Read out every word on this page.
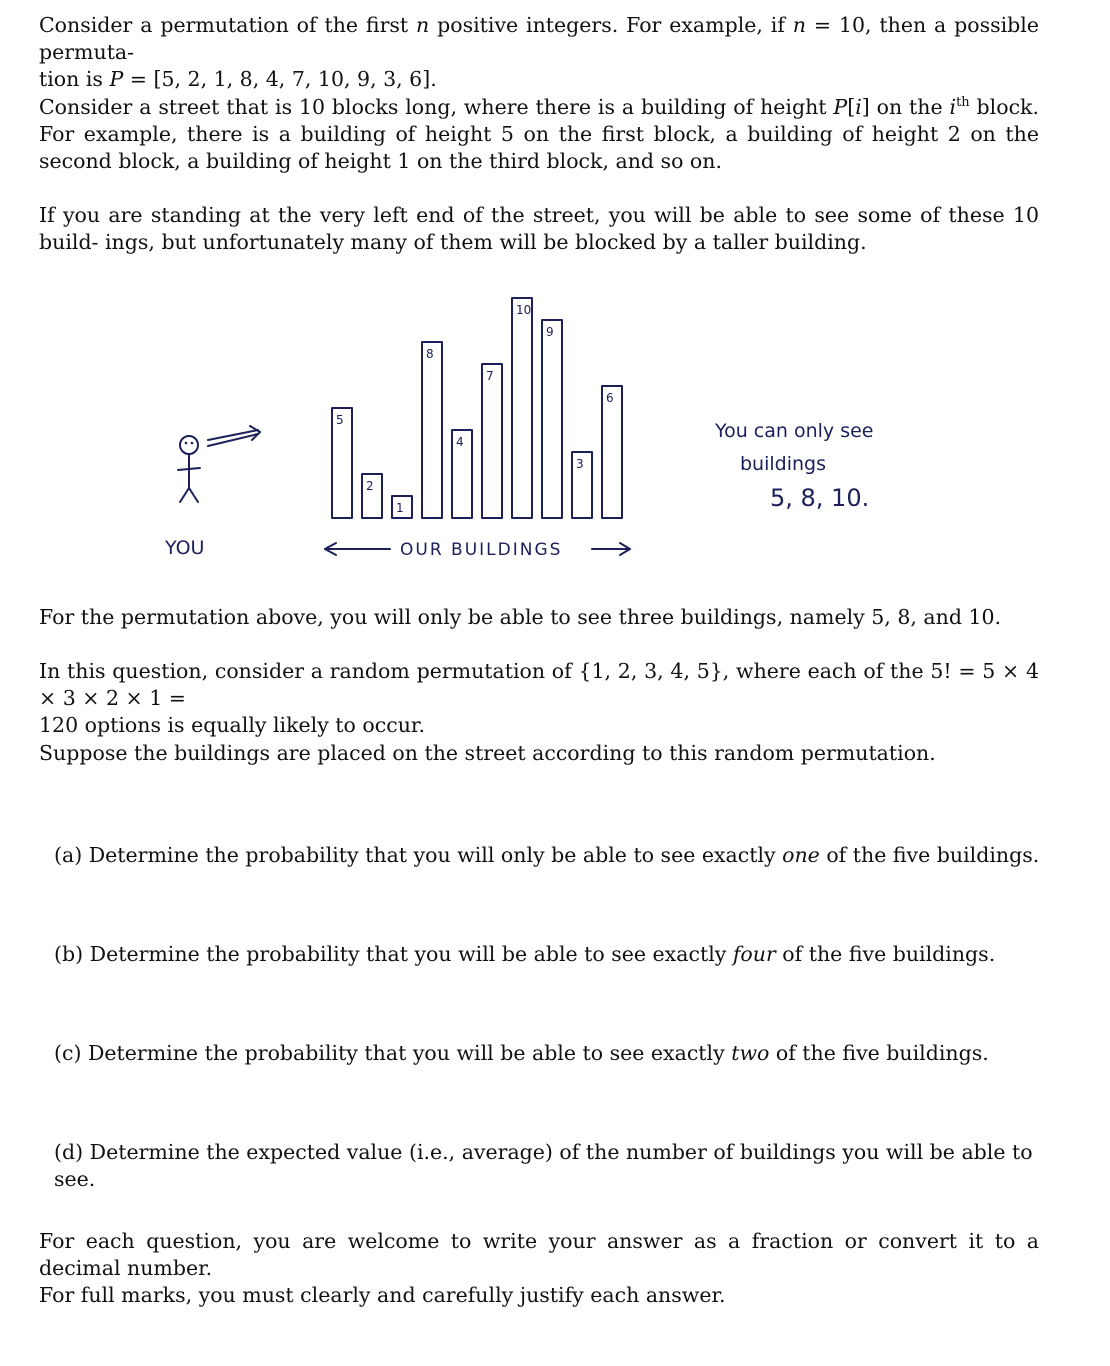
Consider a permutation of the first n positive integers. For example, if n = 10, then a possible permuta-
tion is P = [5, 2, 1, 8, 4, 7, 10, 9, 3, 6].

Consider a street that is 10 blocks long, where there is a building of height P[i] on the $i^{th}$ block. For example, there is a building of height 5 on the first block, a building of height 2 on the second block, a building of height 1 on the third block, and so on.

If you are standing at the very left end of the street, you will be able to see some of these 10 build- ings, but unfortunately many of them will be blocked by a taller building.

YOU
5
2
1
8
4
7
10
9
3
6
OUR BUILDINGS
You can only see
buildings
5, 8, 10.

For the permutation above, you will only be able to see three buildings, namely 5, 8, and 10.

In this question, consider a random permutation of {1, 2, 3, 4, 5}, where each of the 5! = 5 × 4 × 3 × 2 × 1 =
120 options is equally likely to occur.

Suppose the buildings are placed on the street according to this random permutation.

(a) Determine the probability that you will only be able to see exactly one of the five buildings.

(b) Determine the probability that you will be able to see exactly four of the five buildings.

(c) Determine the probability that you will be able to see exactly two of the five buildings.

(d) Determine the expected value (i.e., average) of the number of buildings you will be able to see.

For each question, you are welcome to write your answer as a fraction or convert it to a decimal number.
For full marks, you must clearly and carefully justify each answer.
